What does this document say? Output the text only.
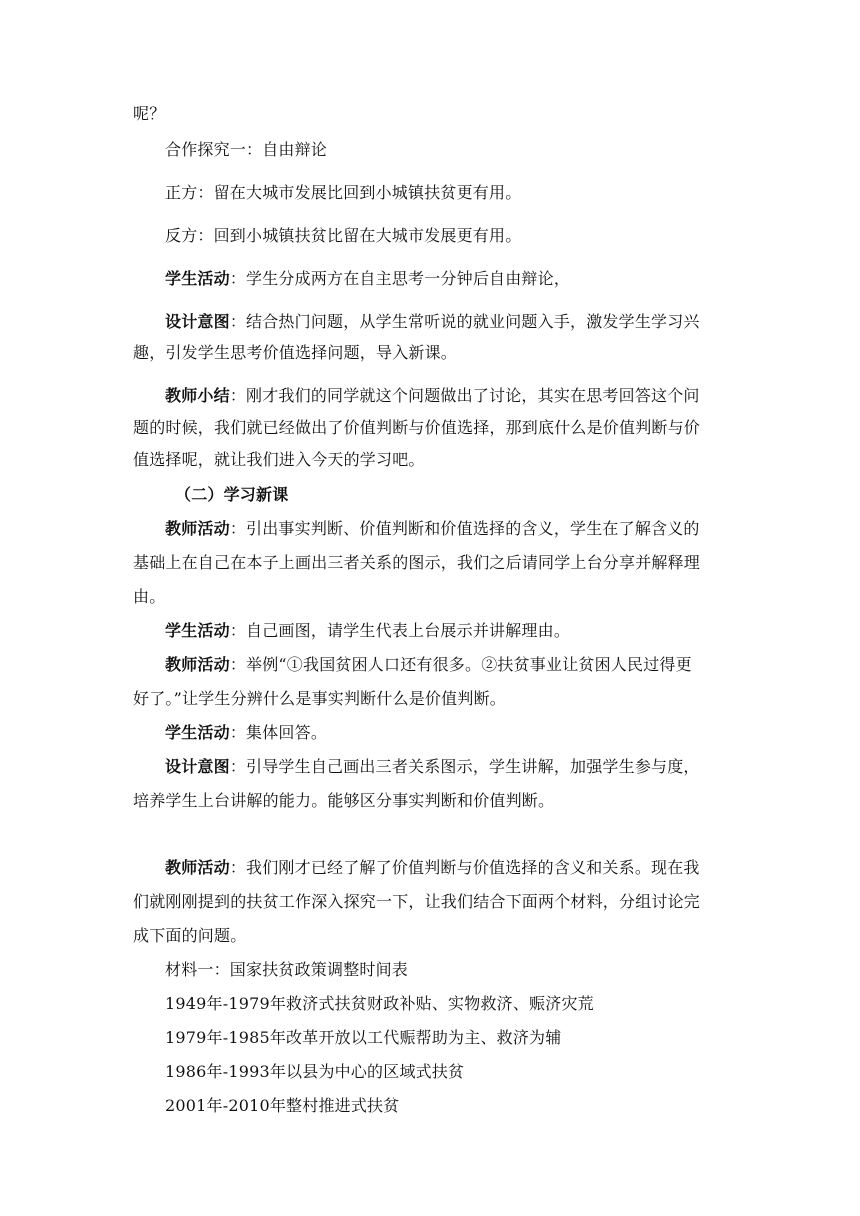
呢？
合作探究一：自由辩论
正方：留在大城市发展比回到小城镇扶贫更有用。
反方：回到小城镇扶贫比留在大城市发展更有用。
学生活动：学生分成两方在自主思考一分钟后自由辩论，
设计意图：结合热门问题，从学生常听说的就业问题入手，激发学生学习兴
趣，引发学生思考价值选择问题，导入新课。
教师小结：刚才我们的同学就这个问题做出了讨论，其实在思考回答这个问
题的时候，我们就已经做出了价值判断与价值选择，那到底什么是价值判断与价
值选择呢，就让我们进入今天的学习吧。
（二）学习新课
教师活动：引出事实判断、价值判断和价值选择的含义，学生在了解含义的
基础上在自己在本子上画出三者关系的图示，我们之后请同学上台分享并解释理
由。
学生活动：自己画图，请学生代表上台展示并讲解理由。
教师活动：举例“①我国贫困人口还有很多。②扶贫事业让贫困人民过得更
好了。”让学生分辨什么是事实判断什么是价值判断。
学生活动：集体回答。
设计意图：引导学生自己画出三者关系图示，学生讲解，加强学生参与度，
培养学生上台讲解的能力。能够区分事实判断和价值判断。
教师活动：我们刚才已经了解了价值判断与价值选择的含义和关系。现在我
们就刚刚提到的扶贫工作深入探究一下，让我们结合下面两个材料，分组讨论完
成下面的问题。
材料一：国家扶贫政策调整时间表
1949年-1979年救济式扶贫财政补贴、实物救济、赈济灾荒
1979年-1985年改革开放以工代赈帮助为主、救济为辅
1986年-1993年以县为中心的区域式扶贫
2001年-2010年整村推进式扶贫
